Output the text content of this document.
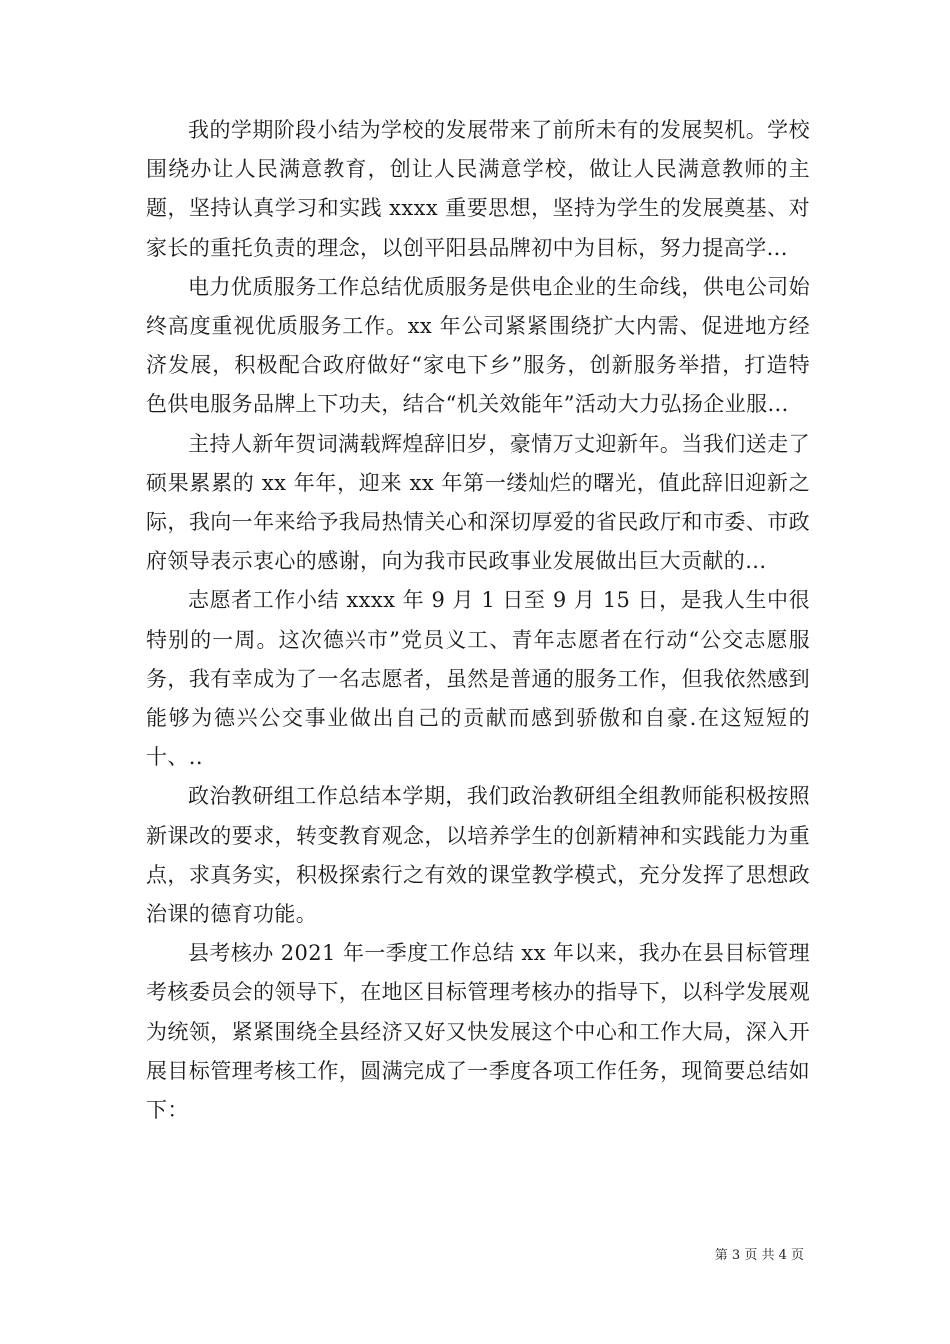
我的学期阶段小结为学校的发展带来了前所未有的发展契机。学校围绕办让人民满意教育，创让人民满意学校，做让人民满意教师的主题，坚持认真学习和实践 xxxx 重要思想，坚持为学生的发展奠基、对家长的重托负责的理念，以创平阳县品牌初中为目标，努力提高学...

电力优质服务工作总结优质服务是供电企业的生命线，供电公司始终高度重视优质服务工作。xx 年公司紧紧围绕扩大内需、促进地方经济发展，积极配合政府做好“家电下乡”服务，创新服务举措，打造特色供电服务品牌上下功夫，结合“机关效能年”活动大力弘扬企业服...

主持人新年贺词满载辉煌辞旧岁，豪情万丈迎新年。当我们送走了硕果累累的 xx 年年，迎来 xx 年第一缕灿烂的曙光，值此辞旧迎新之际，我向一年来给予我局热情关心和深切厚爱的省民政厅和市委、市政府领导表示衷心的感谢，向为我市民政事业发展做出巨大贡献的...

志愿者工作小结 xxxx 年 9 月 1 日至 9 月 15 日，是我人生中很特别的一周。这次德兴市”党员义工、青年志愿者在行动“公交志愿服务，我有幸成为了一名志愿者，虽然是普通的服务工作，但我依然感到能够为德兴公交事业做出自己的贡献而感到骄傲和自豪.在这短短的十、..

政治教研组工作总结本学期，我们政治教研组全组教师能积极按照新课改的要求，转变教育观念，以培养学生的创新精神和实践能力为重点，求真务实，积极探索行之有效的课堂教学模式，充分发挥了思想政治课的德育功能。

县考核办 2021 年一季度工作总结 xx 年以来，我办在县目标管理考核委员会的领导下，在地区目标管理考核办的指导下，以科学发展观为统领，紧紧围绕全县经济又好又快发展这个中心和工作大局，深入开展目标管理考核工作，圆满完成了一季度各项工作任务，现简要总结如下：

第 3 页 共 4 页
